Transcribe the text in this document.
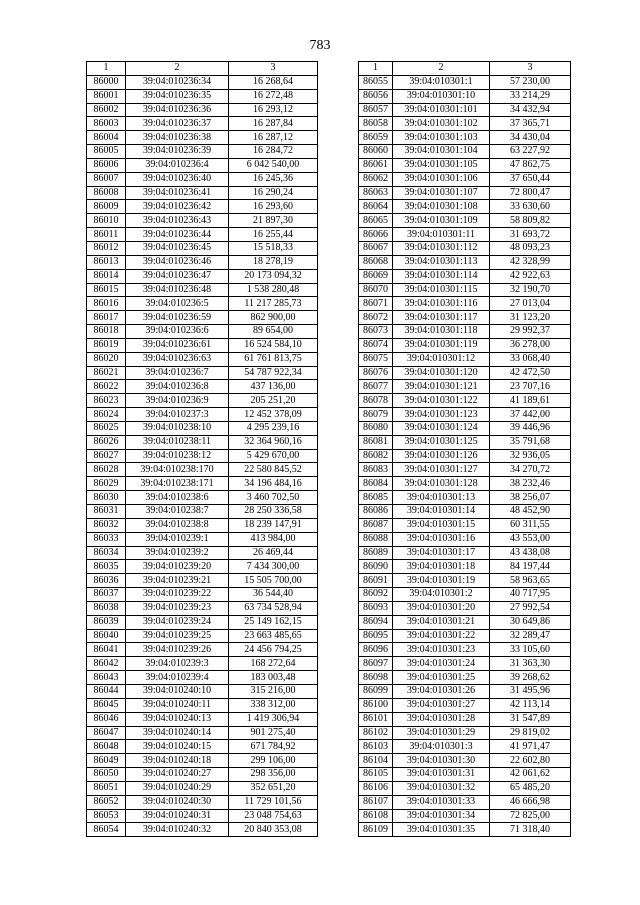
783
1	2	3
86000	39:04:010236:34	16 268,64
86001	39:04:010236:35	16 272,48
86002	39:04:010236:36	16 293,12
86003	39:04:010236:37	16 287,84
86004	39:04:010236:38	16 287,12
86005	39:04:010236:39	16 284,72
86006	39:04:010236:4	6 042 540,00
86007	39:04:010236:40	16 245,36
86008	39:04:010236:41	16 290,24
86009	39:04:010236:42	16 293,60
86010	39:04:010236:43	21 897,30
86011	39:04:010236:44	16 255,44
86012	39:04:010236:45	15 518,33
86013	39:04:010236:46	18 278,19
86014	39:04:010236:47	20 173 094,32
86015	39:04:010236:48	1 538 280,48
86016	39:04:010236:5	11 217 285,73
86017	39:04:010236:59	862 900,00
86018	39:04:010236:6	89 654,00
86019	39:04:010236:61	16 524 584,10
86020	39:04:010236:63	61 761 813,75
86021	39:04:010236:7	54 787 922,34
86022	39:04:010236:8	437 136,00
86023	39:04:010236:9	205 251,20
86024	39:04:010237:3	12 452 378,09
86025	39:04:010238:10	4 295 239,16
86026	39:04:010238:11	32 364 960,16
86027	39:04:010238:12	5 429 670,00
86028	39:04:010238:170	22 580 845,52
86029	39:04:010238:171	34 196 484,16
86030	39:04:010238:6	3 460 702,50
86031	39:04:010238:7	28 250 336,58
86032	39:04:010238:8	18 239 147,91
86033	39:04:010239:1	413 984,00
86034	39:04:010239:2	26 469,44
86035	39:04:010239:20	7 434 300,00
86036	39:04:010239:21	15 505 700,00
86037	39:04:010239:22	36 544,40
86038	39:04:010239:23	63 734 528,94
86039	39:04:010239:24	25 149 162,15
86040	39:04:010239:25	23 663 485,65
86041	39:04:010239:26	24 456 794,25
86042	39:04:010239:3	168 272,64
86043	39:04:010239:4	183 003,48
86044	39:04:010240:10	315 216,00
86045	39:04:010240:11	338 312,00
86046	39:04:010240:13	1 419 306,94
86047	39:04:010240:14	901 275,40
86048	39:04:010240:15	671 784,92
86049	39:04:010240:18	299 106,00
86050	39:04:010240:27	298 356,00
86051	39:04:010240:29	352 651,20
86052	39:04:010240:30	11 729 101,56
86053	39:04:010240:31	23 048 754,63
86054	39:04:010240:32	20 840 353,08
1	2	3
86055	39:04:010301:1	57 230,00
86056	39:04:010301:10	33 214,29
86057	39:04:010301:101	34 432,94
86058	39:04:010301:102	37 365,71
86059	39:04:010301:103	34 430,04
86060	39:04:010301:104	63 227,92
86061	39:04:010301:105	47 862,75
86062	39:04:010301:106	37 650,44
86063	39:04:010301:107	72 800,47
86064	39:04:010301:108	33 630,60
86065	39:04:010301:109	58 809,82
86066	39:04:010301:11	31 693,72
86067	39:04:010301:112	48 093,23
86068	39:04:010301:113	42 328,99
86069	39:04:010301:114	42 922,63
86070	39:04:010301:115	32 190,70
86071	39:04:010301:116	27 013,04
86072	39:04:010301:117	31 123,20
86073	39:04:010301:118	29 992,37
86074	39:04:010301:119	36 278,00
86075	39:04:010301:12	33 068,40
86076	39:04:010301:120	42 472,50
86077	39:04:010301:121	23 707,16
86078	39:04:010301:122	41 189,61
86079	39:04:010301:123	37 442,00
86080	39:04:010301:124	39 446,96
86081	39:04:010301:125	35 791,68
86082	39:04:010301:126	32 936,05
86083	39:04:010301:127	34 270,72
86084	39:04:010301:128	38 232,46
86085	39:04:010301:13	38 256,07
86086	39:04:010301:14	48 452,90
86087	39:04:010301:15	60 311,55
86088	39:04:010301:16	43 553,00
86089	39:04:010301:17	43 438,08
86090	39:04:010301:18	84 197,44
86091	39:04:010301:19	58 963,65
86092	39:04:010301:2	40 717,95
86093	39:04:010301:20	27 992,54
86094	39:04:010301:21	30 649,86
86095	39:04:010301:22	32 289,47
86096	39:04:010301:23	33 105,60
86097	39:04:010301:24	31 363,30
86098	39:04:010301:25	39 268,62
86099	39:04:010301:26	31 495,96
86100	39:04:010301:27	42 113,14
86101	39:04:010301:28	31 547,89
86102	39:04:010301:29	29 819,02
86103	39:04:010301:3	41 971,47
86104	39:04:010301:30	22 602,80
86105	39:04:010301:31	42 061,62
86106	39:04:010301:32	65 485,20
86107	39:04:010301:33	46 666,98
86108	39:04:010301:34	72 825,00
86109	39:04:010301:35	71 318,40
